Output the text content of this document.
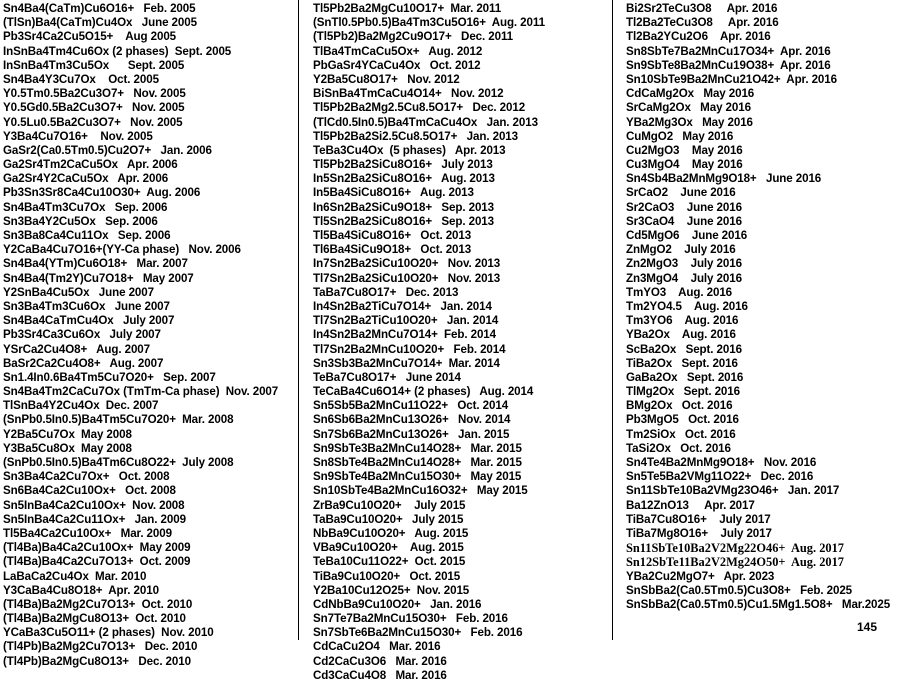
Sn4Ba4(CaTm)Cu6O16+   Feb. 2005
(TlSn)Ba4(CaTm)Cu4Ox   June 2005
Pb3Sr4Ca2Cu5O15+    Aug 2005
InSnBa4Tm4Cu6Ox (2 phases)  Sept. 2005
InSnBa4Tm3Cu5Ox      Sept. 2005
Sn4Ba4Y3Cu7Ox    Oct. 2005
Y0.5Tm0.5Ba2Cu3O7+   Nov. 2005
Y0.5Gd0.5Ba2Cu3O7+   Nov. 2005
Y0.5Lu0.5Ba2Cu3O7+   Nov. 2005
Y3Ba4Cu7O16+    Nov. 2005
GaSr2(Ca0.5Tm0.5)Cu2O7+   Jan. 2006
Ga2Sr4Tm2CaCu5Ox   Apr. 2006
Ga2Sr4Y2CaCu5Ox   Apr. 2006
Pb3Sn3Sr8Ca4Cu10O30+  Aug. 2006
Sn4Ba4Tm3Cu7Ox   Sep. 2006
Sn3Ba4Y2Cu5Ox   Sep. 2006
Sn3Ba8Ca4Cu11Ox   Sep. 2006
Y2CaBa4Cu7O16+(YY-Ca phase)   Nov. 2006
Sn4Ba4(YTm)Cu6O18+   Mar. 2007
Sn4Ba4(Tm2Y)Cu7O18+   May 2007
Y2SnBa4Cu5Ox   June 2007
Sn3Ba4Tm3Cu6Ox   June 2007
Sn4Ba4CaTmCu4Ox   July 2007
Pb3Sr4Ca3Cu6Ox   July 2007
YSrCa2Cu4O8+   Aug. 2007
BaSr2Ca2Cu4O8+   Aug. 2007
Sn1.4In0.6Ba4Tm5Cu7O20+   Sep. 2007
Sn4Ba4Tm2CaCu7Ox (TmTm-Ca phase)  Nov. 2007
TlSnBa4Y2Cu4Ox  Dec. 2007
(SnPb0.5In0.5)Ba4Tm5Cu7O20+  Mar. 2008
Y2Ba5Cu7Ox  May 2008
Y3Ba5Cu8Ox  May 2008
(SnPb0.5In0.5)Ba4Tm6Cu8O22+  July 2008
Sn3Ba4Ca2Cu7Ox+   Oct. 2008
Sn6Ba4Ca2Cu10Ox+   Oct. 2008
Sn5InBa4Ca2Cu10Ox+  Nov. 2008
Sn5InBa4Ca2Cu11Ox+   Jan. 2009
Tl5Ba4Ca2Cu10Ox+   Mar. 2009
(Tl4Ba)Ba4Ca2Cu10Ox+  May 2009
(Tl4Ba)Ba4Ca2Cu7O13+  Oct. 2009
LaBaCa2Cu4Ox  Mar. 2010
Y3CaBa4Cu8O18+  Apr. 2010
(Tl4Ba)Ba2Mg2Cu7O13+  Oct. 2010
(Tl4Ba)Ba2MgCu8O13+  Oct. 2010
YCaBa3Cu5O11+ (2 phases)  Nov. 2010
(Tl4Pb)Ba2Mg2Cu7O13+   Dec. 2010
(Tl4Pb)Ba2MgCu8O13+   Dec. 2010
Tl5Pb2Ba2MgCu10O17+  Mar. 2011
(SnTl0.5Pb0.5)Ba4Tm3Cu5O16+  Aug. 2011
(Tl5Pb2)Ba2Mg2Cu9O17+   Dec. 2011
TlBa4TmCaCu5Ox+   Aug. 2012
PbGaSr4YCaCu4Ox   Oct. 2012
Y2Ba5Cu8O17+   Nov. 2012
BiSnBa4TmCaCu4O14+   Nov. 2012
Tl5Pb2Ba2Mg2.5Cu8.5O17+   Dec. 2012
(TlCd0.5In0.5)Ba4TmCaCu4Ox   Jan. 2013
Tl5Pb2Ba2Si2.5Cu8.5O17+   Jan. 2013
TeBa3Cu4Ox  (5 phases)   Apr. 2013
Tl5Pb2Ba2SiCu8O16+   July 2013
In5Sn2Ba2SiCu8O16+   Aug. 2013
In5Ba4SiCu8O16+   Aug. 2013
In6Sn2Ba2SiCu9O18+   Sep. 2013
Tl5Sn2Ba2SiCu8O16+   Sep. 2013
Tl5Ba4SiCu8O16+   Oct. 2013
Tl6Ba4SiCu9O18+   Oct. 2013
In7Sn2Ba2SiCu10O20+   Nov. 2013
Tl7Sn2Ba2SiCu10O20+   Nov. 2013
TaBa7Cu8O17+   Dec. 2013
In4Sn2Ba2TiCu7O14+   Jan. 2014
Tl7Sn2Ba2TiCu10O20+   Jan. 2014
In4Sn2Ba2MnCu7O14+  Feb. 2014
Tl7Sn2Ba2MnCu10O20+   Feb. 2014
Sn3Sb3Ba2MnCu7O14+  Mar. 2014
TeBa7Cu8O17+   June 2014
TeCaBa4Cu6O14+ (2 phases)   Aug. 2014
Sn5Sb5Ba2MnCu11O22+   Oct. 2014
Sn6Sb6Ba2MnCu13O26+   Nov. 2014
Sn7Sb6Ba2MnCu13O26+   Jan. 2015
Sn9SbTe3Ba2MnCu14O28+   Mar. 2015
Sn8SbTe4Ba2MnCu14O28+   Mar. 2015
Sn9SbTe4Ba2MnCu15O30+   May 2015
Sn10SbTe4Ba2MnCu16O32+   May 2015
ZrBa9Cu10O20+    July 2015
TaBa9Cu10O20+   July 2015
NbBa9Cu10O20+   Aug. 2015
VBa9Cu10O20+    Aug. 2015
TeBa10Cu11O22+  Oct. 2015
TiBa9Cu10O20+   Oct. 2015
Y2Ba10Cu12O25+  Nov. 2015
CdNbBa9Cu10O20+   Jan. 2016
Sn7Te7Ba2MnCu15O30+   Feb. 2016
Sn7SbTe6Ba2MnCu15O30+   Feb. 2016
CdCaCu2O4   Mar. 2016
Cd2CaCu3O6   Mar. 2016
Cd3CaCu4O8   Mar. 2016
Bi2Sr2TeCu3O8     Apr. 2016
Tl2Ba2TeCu3O8     Apr. 2016
Tl2Ba2YCu2O6    Apr. 2016
Sn8SbTe7Ba2MnCu17O34+  Apr. 2016
Sn9SbTe8Ba2MnCu19O38+  Apr. 2016
Sn10SbTe9Ba2MnCu21O42+  Apr. 2016
CdCaMg2Ox   May 2016
SrCaMg2Ox   May 2016
YBa2Mg3Ox   May 2016
CuMgO2   May 2016
Cu2MgO3    May 2016
Cu3MgO4    May 2016
Sn4Sb4Ba2MnMg9O18+   June 2016
SrCaO2    June 2016
Sr2CaO3    June 2016
Sr3CaO4    June 2016
Cd5MgO6    June 2016
ZnMgO2    July 2016
Zn2MgO3    July 2016
Zn3MgO4    July 2016
TmYO3    Aug. 2016
Tm2YO4.5    Aug. 2016
Tm3YO6    Aug. 2016
YBa2Ox    Aug. 2016
ScBa2Ox   Sept. 2016
TiBa2Ox   Sept. 2016
GaBa2Ox   Sept. 2016
TlMg2Ox   Sept. 2016
BMg2Ox   Oct. 2016
Pb3MgO5   Oct. 2016
Tm2SiOx   Oct. 2016
TaSi2Ox   Oct. 2016
Sn4Te4Ba2MnMg9O18+   Nov. 2016
Sn5Te5Ba2VMg11O22+   Dec. 2016
Sn11SbTe10Ba2VMg23O46+   Jan. 2017
Ba12ZnO13     Apr. 2017
TiBa7Cu8O16+    July 2017
TiBa7Mg8O16+    July 2017
Sn11SbTe10Ba2V2Mg22O46+  Aug. 2017
Sn12SbTe11Ba2V2Mg24O50+  Aug. 2017
YBa2Cu2MgO7+   Apr. 2023
SnSbBa2(Ca0.5Tm0.5)Cu3O8+   Feb. 2025
SnSbBa2(Ca0.5Tm0.5)Cu1.5Mg1.5O8+   Mar.2025
145
